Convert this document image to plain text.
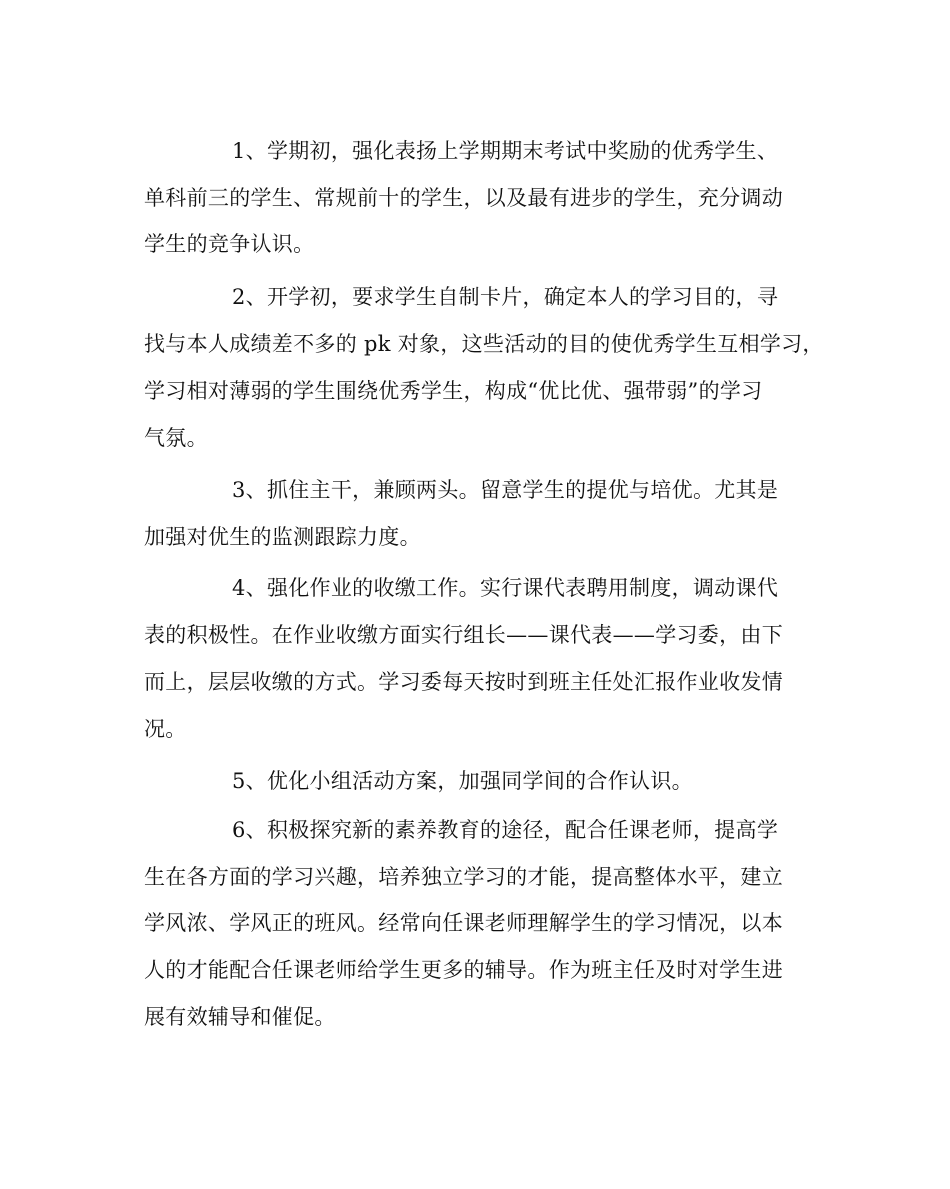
1、学期初，强化表扬上学期期末考试中奖励的优秀学生、

单科前三的学生、常规前十的学生，以及最有进步的学生，充分调动

学生的竞争认识。

2、开学初，要求学生自制卡片，确定本人的学习目的，寻

找与本人成绩差不多的 pk 对象，这些活动的目的使优秀学生互相学习，

学习相对薄弱的学生围绕优秀学生，构成“优比优、强带弱”的学习

气氛。

3、抓住主干，兼顾两头。留意学生的提优与培优。尤其是

加强对优生的监测跟踪力度。

4、强化作业的收缴工作。实行课代表聘用制度，调动课代

表的积极性。在作业收缴方面实行组长——课代表——学习委，由下

而上，层层收缴的方式。学习委每天按时到班主任处汇报作业收发情

况。

5、优化小组活动方案，加强同学间的合作认识。

6、积极探究新的素养教育的途径，配合任课老师，提高学

生在各方面的学习兴趣，培养独立学习的才能，提高整体水平，建立

学风浓、学风正的班风。经常向任课老师理解学生的学习情况，以本

人的才能配合任课老师给学生更多的辅导。作为班主任及时对学生进

展有效辅导和催促。
